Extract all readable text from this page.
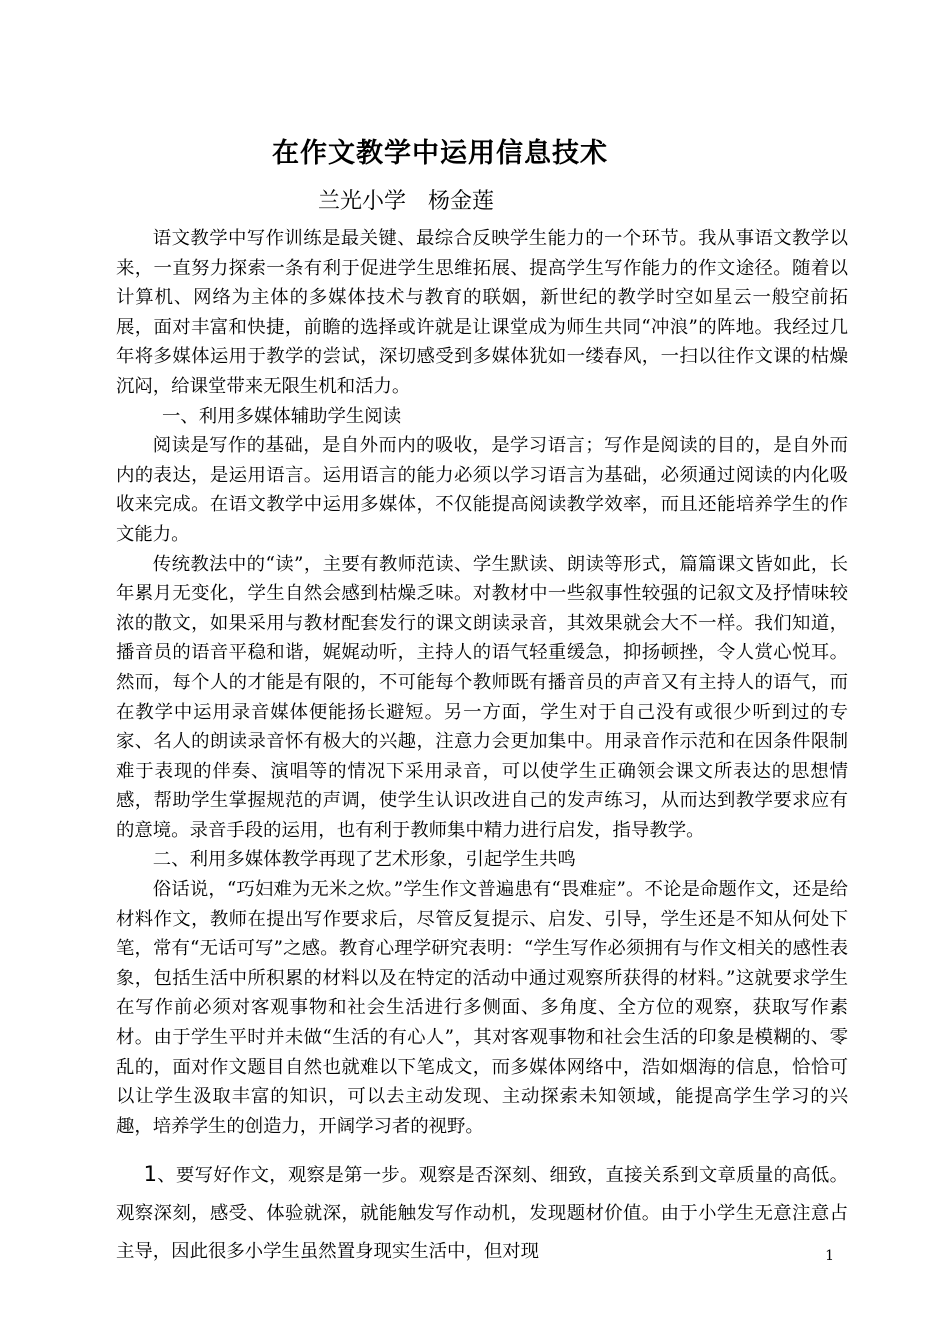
在作文教学中运用信息技术
兰光小学　杨金莲

语文教学中写作训练是最关键、最综合反映学生能力的一个环节。我从事语文教学以来，一直努力探索一条有利于促进学生思维拓展、提高学生写作能力的作文途径。随着以计算机、网络为主体的多媒体技术与教育的联姻，新世纪的教学时空如星云一般空前拓展，面对丰富和快捷，前瞻的选择或许就是让课堂成为师生共同“冲浪”的阵地。我经过几年将多媒体运用于教学的尝试，深切感受到多媒体犹如一缕春风，一扫以往作文课的枯燥沉闷，给课堂带来无限生机和活力。

一、利用多媒体辅助学生阅读

阅读是写作的基础，是自外而内的吸收，是学习语言；写作是阅读的目的，是自外而内的表达，是运用语言。运用语言的能力必须以学习语言为基础，必须通过阅读的内化吸收来完成。在语文教学中运用多媒体，不仅能提高阅读教学效率，而且还能培养学生的作文能力。

传统教法中的“读”，主要有教师范读、学生默读、朗读等形式，篇篇课文皆如此，长年累月无变化，学生自然会感到枯燥乏味。对教材中一些叙事性较强的记叙文及抒情味较浓的散文，如果采用与教材配套发行的课文朗读录音，其效果就会大不一样。我们知道，播音员的语音平稳和谐，娓娓动听，主持人的语气轻重缓急，抑扬顿挫，令人赏心悦耳。然而，每个人的才能是有限的，不可能每个教师既有播音员的声音又有主持人的语气，而在教学中运用录音媒体便能扬长避短。另一方面，学生对于自己没有或很少听到过的专家、名人的朗读录音怀有极大的兴趣，注意力会更加集中。用录音作示范和在因条件限制难于表现的伴奏、演唱等的情况下采用录音，可以使学生正确领会课文所表达的思想情感，帮助学生掌握规范的声调，使学生认识改进自己的发声练习，从而达到教学要求应有的意境。录音手段的运用，也有利于教师集中精力进行启发，指导教学。

二、利用多媒体教学再现了艺术形象，引起学生共鸣

俗话说，“巧妇难为无米之炊。”学生作文普遍患有“畏难症”。不论是命题作文，还是给材料作文，教师在提出写作要求后，尽管反复提示、启发、引导，学生还是不知从何处下笔，常有“无话可写”之感。教育心理学研究表明：“学生写作必须拥有与作文相关的感性表象，包括生活中所积累的材料以及在特定的活动中通过观察所获得的材料。”这就要求学生在写作前必须对客观事物和社会生活进行多侧面、多角度、全方位的观察，获取写作素材。由于学生平时并未做“生活的有心人”，其对客观事物和社会生活的印象是模糊的、零乱的，面对作文题目自然也就难以下笔成文，而多媒体网络中，浩如烟海的信息，恰恰可以让学生汲取丰富的知识，可以去主动发现、主动探索未知领域，能提高学生学习的兴趣，培养学生的创造力，开阔学习者的视野。

1、要写好作文，观察是第一步。观察是否深刻、细致，直接关系到文章质量的高低。观察深刻，感受、体验就深，就能触发写作动机，发现题材价值。由于小学生无意注意占主导，因此很多小学生虽然置身现实生活中，但对现	1
